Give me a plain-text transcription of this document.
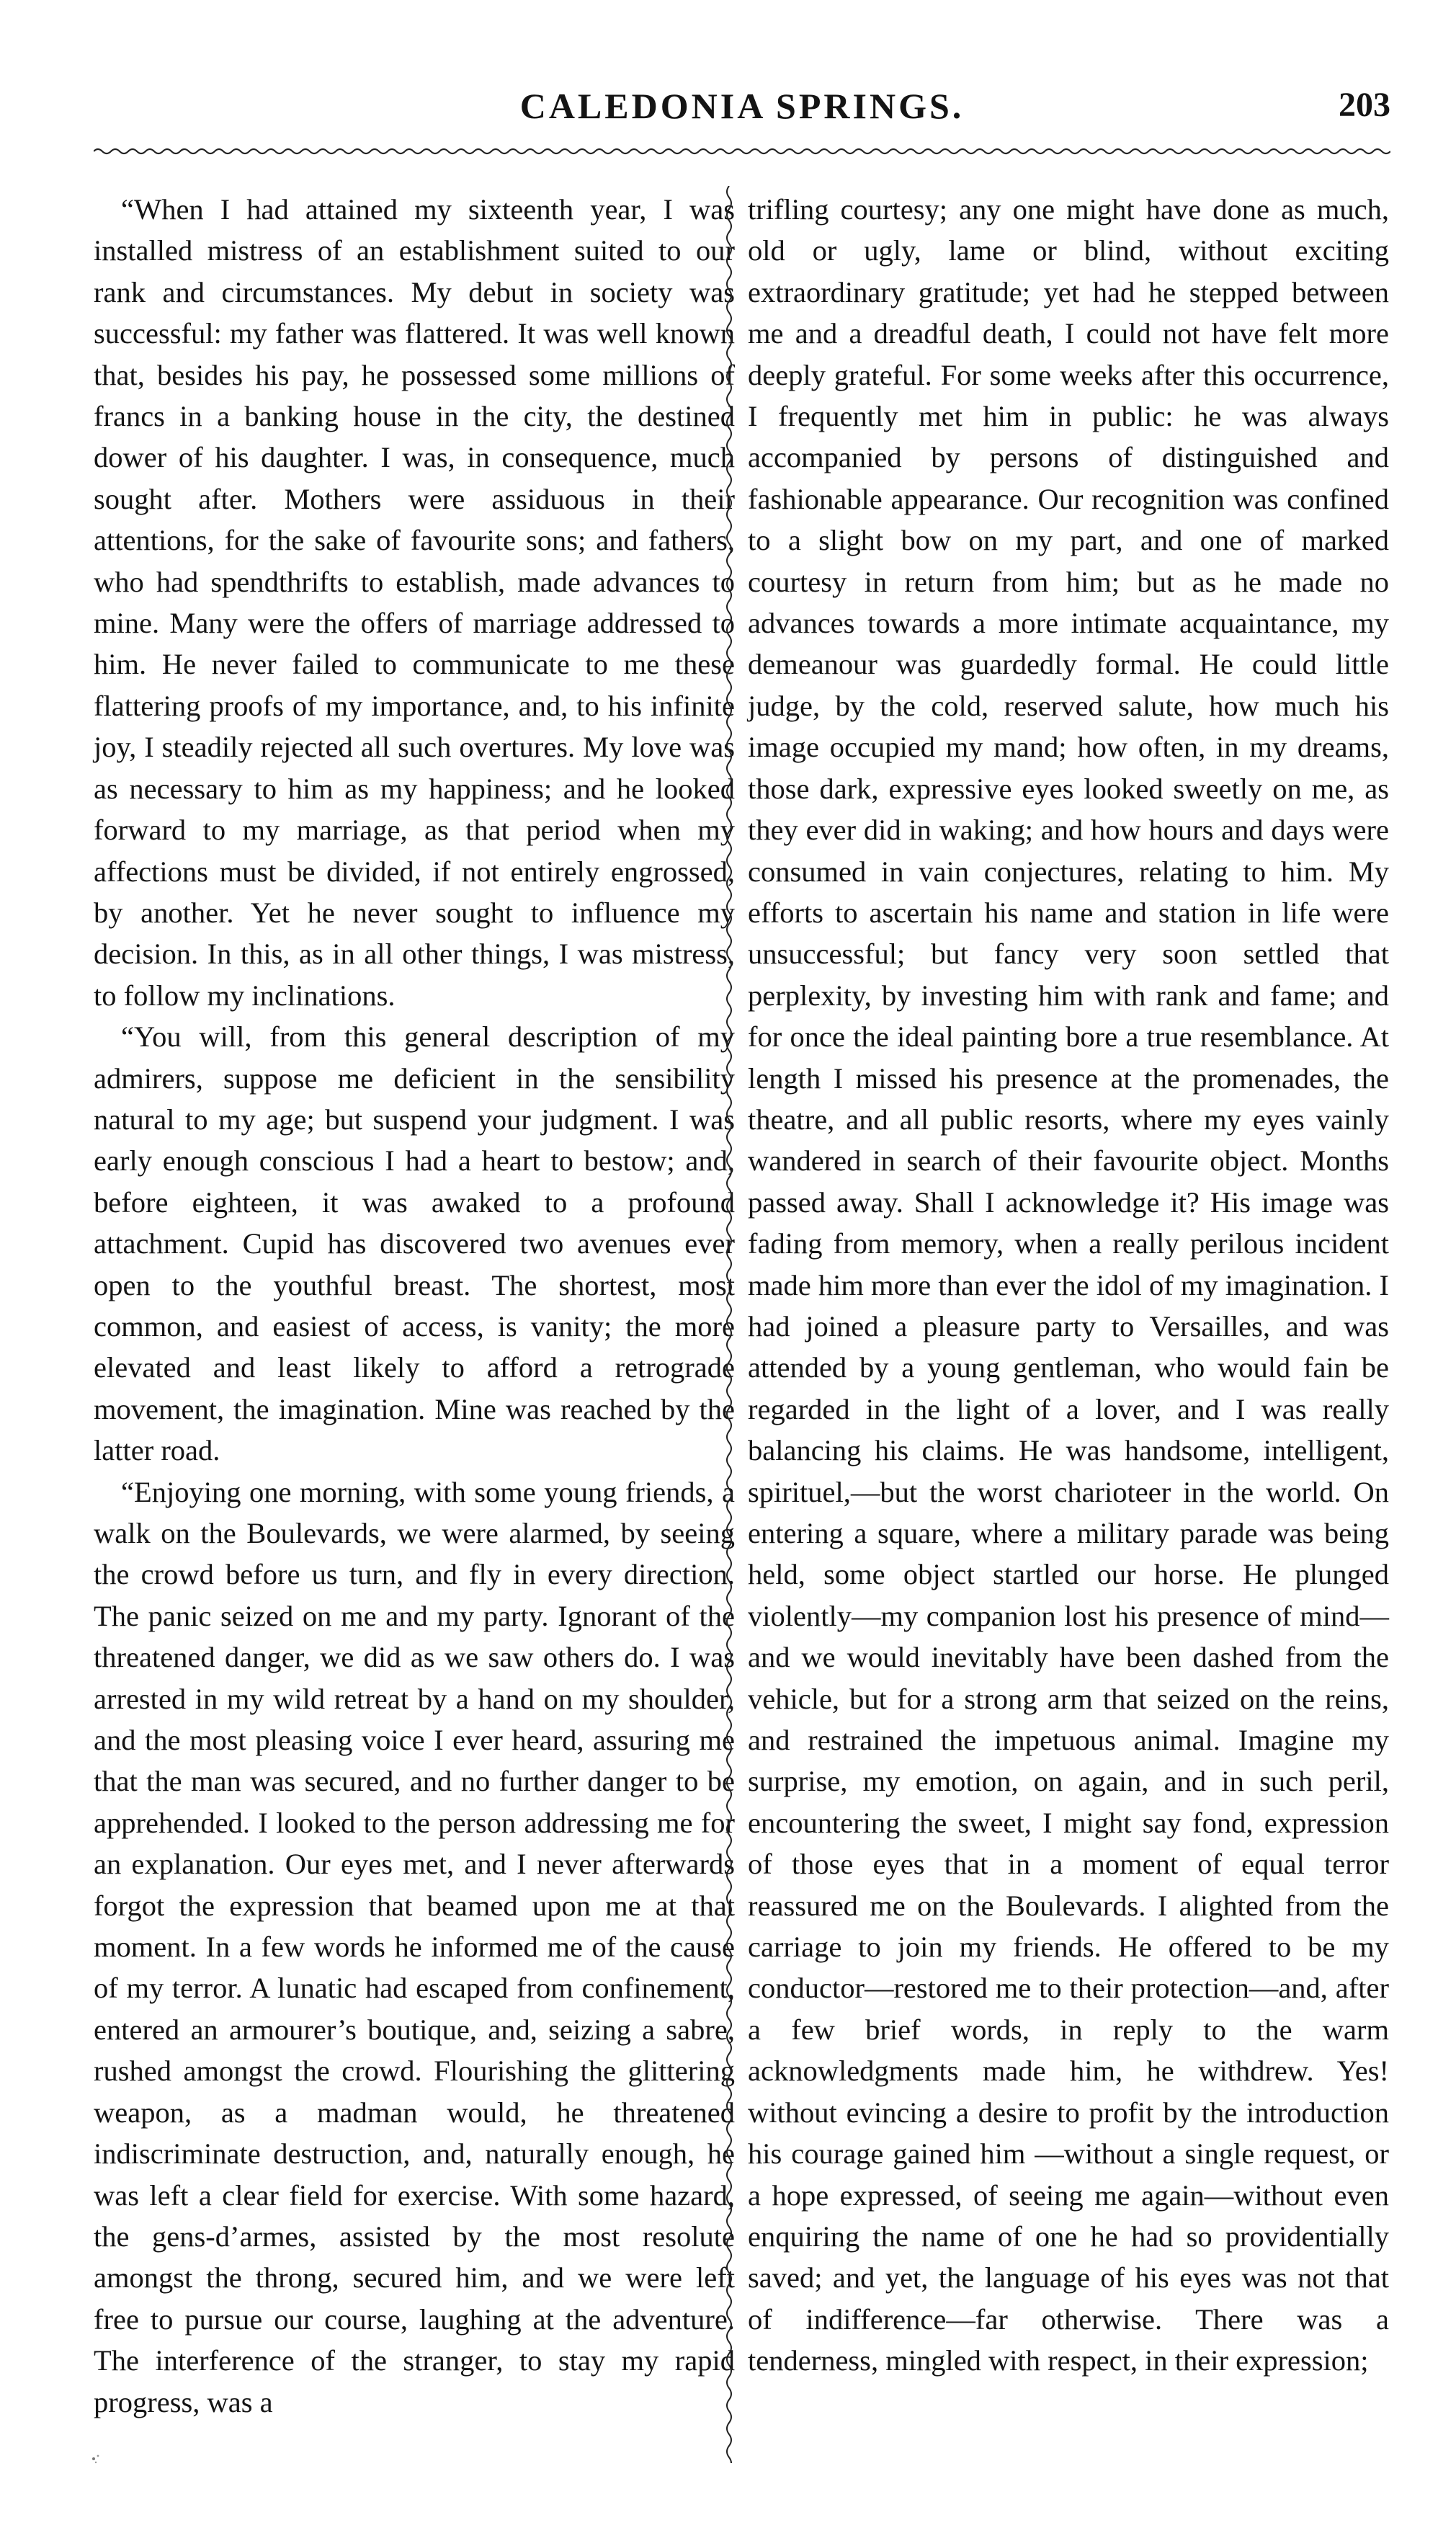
CALEDONIA SPRINGS.	203

“When I had attained my sixteenth year, I was installed mistress of an establishment suited to our rank and circumstances. My debut in society was successful: my father was flattered. It was well known that, besides his pay, he possessed some millions of francs in a banking house in the city, the destined dower of his daughter. I was, in consequence, much sought after. Mothers were assiduous in their attentions, for the sake of favourite sons; and fathers, who had spendthrifts to establish, made advances to mine. Many were the offers of marriage addressed to him. He never failed to communicate to me these flattering proofs of my importance, and, to his infinite joy, I steadily rejected all such overtures. My love was as necessary to him as my happiness; and he looked forward to my marriage, as that period when my affections must be divided, if not entirely engrossed, by another. Yet he never sought to influence my decision. In this, as in all other things, I was mistress, to follow my inclinations.

“You will, from this general description of my admirers, suppose me deficient in the sensibility natural to my age; but suspend your judgment. I was early enough conscious I had a heart to bestow; and, before eighteen, it was awaked to a profound attachment. Cupid has discovered two avenues ever open to the youthful breast. The shortest, most common, and easiest of access, is vanity; the more elevated and least likely to afford a retrograde movement, the imagination. Mine was reached by the latter road.

“Enjoying one morning, with some young friends, a walk on the Boulevards, we were alarmed, by seeing the crowd before us turn, and fly in every direction. The panic seized on me and my party. Ignorant of the threatened danger, we did as we saw others do. I was arrested in my wild retreat by a hand on my shoulder, and the most pleasing voice I ever heard, assuring me that the man was secured, and no further danger to be apprehended. I looked to the person addressing me for an explanation. Our eyes met, and I never afterwards forgot the expression that beamed upon me at that moment. In a few words he informed me of the cause of my terror. A lunatic had escaped from confinement, entered an armourer’s boutique, and, seizing a sabre, rushed amongst the crowd. Flourishing the glittering weapon, as a madman would, he threatened indiscriminate destruction, and, naturally enough, he was left a clear field for exercise. With some hazard, the gens-d’armes, assisted by the most resolute amongst the throng, secured him, and we were left free to pursue our course, laughing at the adventure. The interference of the stranger, to stay my rapid progress, was a

trifling courtesy; any one might have done as much, old or ugly, lame or blind, without exciting extraordinary gratitude; yet had he stepped between me and a dreadful death, I could not have felt more deeply grateful. For some weeks after this occurrence, I frequently met him in public: he was always accompanied by persons of distinguished and fashionable appearance. Our recognition was confined to a slight bow on my part, and one of marked courtesy in return from him; but as he made no advances towards a more intimate acquaintance, my demeanour was guardedly formal. He could little judge, by the cold, reserved salute, how much his image occupied my mand; how often, in my dreams, those dark, expressive eyes looked sweetly on me, as they ever did in waking; and how hours and days were consumed in vain conjectures, relating to him. My efforts to ascertain his name and station in life were unsuccessful; but fancy very soon settled that perplexity, by investing him with rank and fame; and for once the ideal painting bore a true resemblance. At length I missed his presence at the promenades, the theatre, and all public resorts, where my eyes vainly wandered in search of their favourite object. Months passed away. Shall I acknowledge it? His image was fading from memory, when a really perilous incident made him more than ever the idol of my imagination. I had joined a pleasure party to Versailles, and was attended by a young gentleman, who would fain be regarded in the light of a lover, and I was really balancing his claims. He was handsome, intelligent, spirituel,—but the worst charioteer in the world. On entering a square, where a military parade was being held, some object startled our horse. He plunged violently—my companion lost his presence of mind—and we would inevitably have been dashed from the vehicle, but for a strong arm that seized on the reins, and restrained the impetuous animal. Imagine my surprise, my emotion, on again, and in such peril, encountering the sweet, I might say fond, expression of those eyes that in a moment of equal terror reassured me on the Boulevards. I alighted from the carriage to join my friends. He offered to be my conductor—restored me to their protection—and, after a few brief words, in reply to the warm acknowledgments made him, he withdrew. Yes! without evincing a desire to profit by the introduction his courage gained him —without a single request, or a hope expressed, of seeing me again—without even enquiring the name of one he had so providentially saved; and yet, the language of his eyes was not that of indifference—far otherwise. There was a tenderness, mingled with respect, in their expression;
